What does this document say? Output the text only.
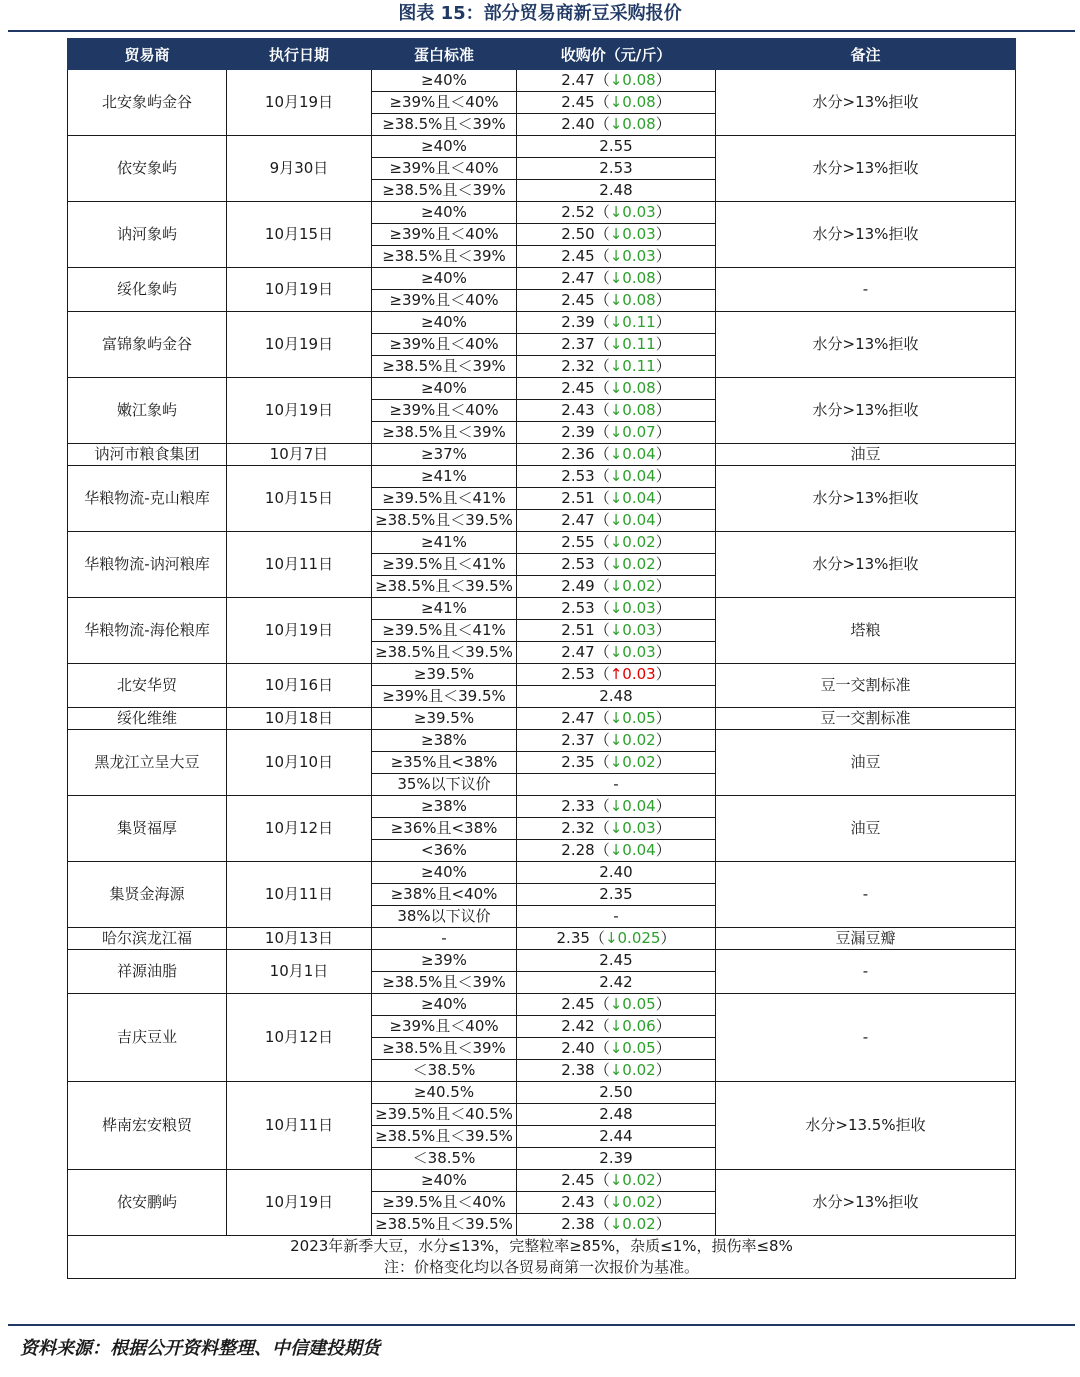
图表 15：部分贸易商新豆采购报价
贸易商	执行日期	蛋白标准	收购价（元/斤）	备注
北安象屿金谷	10月19日	≥40%	2.47（↓0.08）	水分>13%拒收
		≥39%且＜40%	2.45（↓0.08）	
		≥38.5%且＜39%	2.40（↓0.08）	
依安象屿	9月30日	≥40%	2.55	水分>13%拒收
		≥39%且＜40%	2.53	
		≥38.5%且＜39%	2.48	
讷河象屿	10月15日	≥40%	2.52（↓0.03）	水分>13%拒收
		≥39%且＜40%	2.50（↓0.03）	
		≥38.5%且＜39%	2.45（↓0.03）	
绥化象屿	10月19日	≥40%	2.47（↓0.08）	-
		≥39%且＜40%	2.45（↓0.08）	
富锦象屿金谷	10月19日	≥40%	2.39（↓0.11）	水分>13%拒收
		≥39%且＜40%	2.37（↓0.11）	
		≥38.5%且＜39%	2.32（↓0.11）	
嫩江象屿	10月19日	≥40%	2.45（↓0.08）	水分>13%拒收
		≥39%且＜40%	2.43（↓0.08）	
		≥38.5%且＜39%	2.39（↓0.07）	
讷河市粮食集团	10月7日	≥37%	2.36（↓0.04）	油豆
华粮物流-克山粮库	10月15日	≥41%	2.53（↓0.04）	水分>13%拒收
		≥39.5%且＜41%	2.51（↓0.04）	
		≥38.5%且＜39.5%	2.47（↓0.04）	
华粮物流-讷河粮库	10月11日	≥41%	2.55（↓0.02）	水分>13%拒收
		≥39.5%且＜41%	2.53（↓0.02）	
		≥38.5%且＜39.5%	2.49（↓0.02）	
华粮物流-海伦粮库	10月19日	≥41%	2.53（↓0.03）	塔粮
		≥39.5%且＜41%	2.51（↓0.03）	
		≥38.5%且＜39.5%	2.47（↓0.03）	
北安华贸	10月16日	≥39.5%	2.53（↑0.03）	豆一交割标准
		≥39%且＜39.5%	2.48	
绥化维维	10月18日	≥39.5%	2.47（↓0.05）	豆一交割标准
黑龙江立呈大豆	10月10日	≥38%	2.37（↓0.02）	油豆
		≥35%且<38%	2.35（↓0.02）	
		35%以下议价	-	
集贤福厚	10月12日	≥38%	2.33（↓0.04）	油豆
		≥36%且<38%	2.32（↓0.03）	
		<36%	2.28（↓0.04）	
集贤金海源	10月11日	≥40%	2.40	-
		≥38%且<40%	2.35	
		38%以下议价	-	
哈尔滨龙江福	10月13日	-	2.35（↓0.025）	豆漏豆瓣
祥源油脂	10月1日	≥39%	2.45	-
		≥38.5%且＜39%	2.42	
吉庆豆业	10月12日	≥40%	2.45（↓0.05）	-
		≥39%且＜40%	2.42（↓0.06）	
		≥38.5%且＜39%	2.40（↓0.05）	
		＜38.5%	2.38（↓0.02）	
桦南宏安粮贸	10月11日	≥40.5%	2.50	水分>13.5%拒收
		≥39.5%且＜40.5%	2.48	
		≥38.5%且＜39.5%	2.44	
		＜38.5%	2.39	
依安鹏屿	10月19日	≥40%	2.45（↓0.02）	水分>13%拒收
		≥39.5%且＜40%	2.43（↓0.02）	
		≥38.5%且＜39.5%	2.38（↓0.02）	
2023年新季大豆，水分≤13%，完整粒率≥85%，杂质≤1%，损伤率≤8%				
注：价格变化均以各贸易商第一次报价为基准。				
资料来源：根据公开资料整理、中信建投期货
